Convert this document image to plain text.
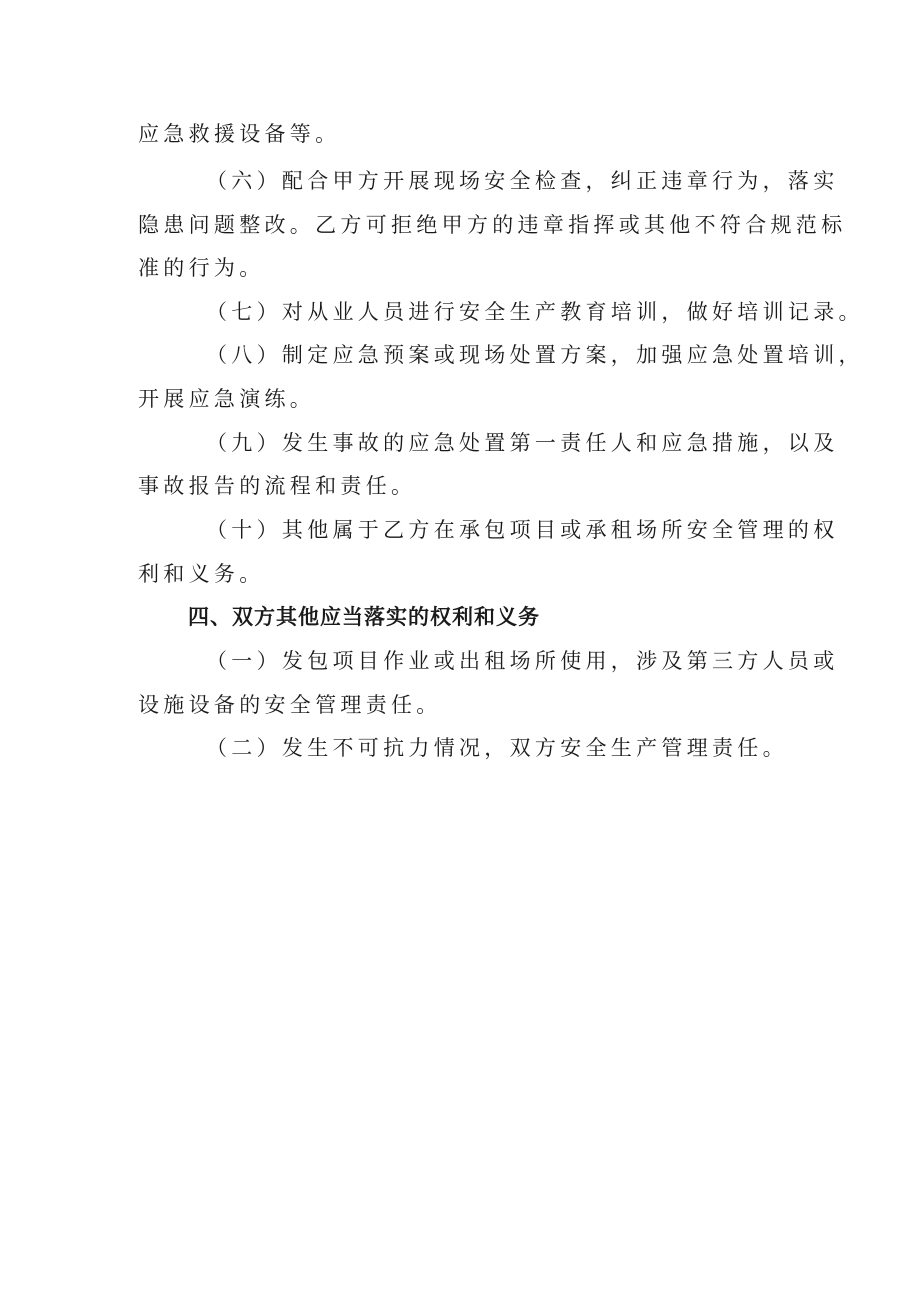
应急救援设备等。
（六）配合甲方开展现场安全检查，纠正违章行为，落实
隐患问题整改。乙方可拒绝甲方的违章指挥或其他不符合规范标
准的行为。
（七）对从业人员进行安全生产教育培训，做好培训记录。
（八）制定应急预案或现场处置方案，加强应急处置培训，
开展应急演练。
（九）发生事故的应急处置第一责任人和应急措施，以及
事故报告的流程和责任。
（十）其他属于乙方在承包项目或承租场所安全管理的权
利和义务。
四、双方其他应当落实的权利和义务
（一）发包项目作业或出租场所使用，涉及第三方人员或
设施设备的安全管理责任。
（二）发生不可抗力情况，双方安全生产管理责任。
